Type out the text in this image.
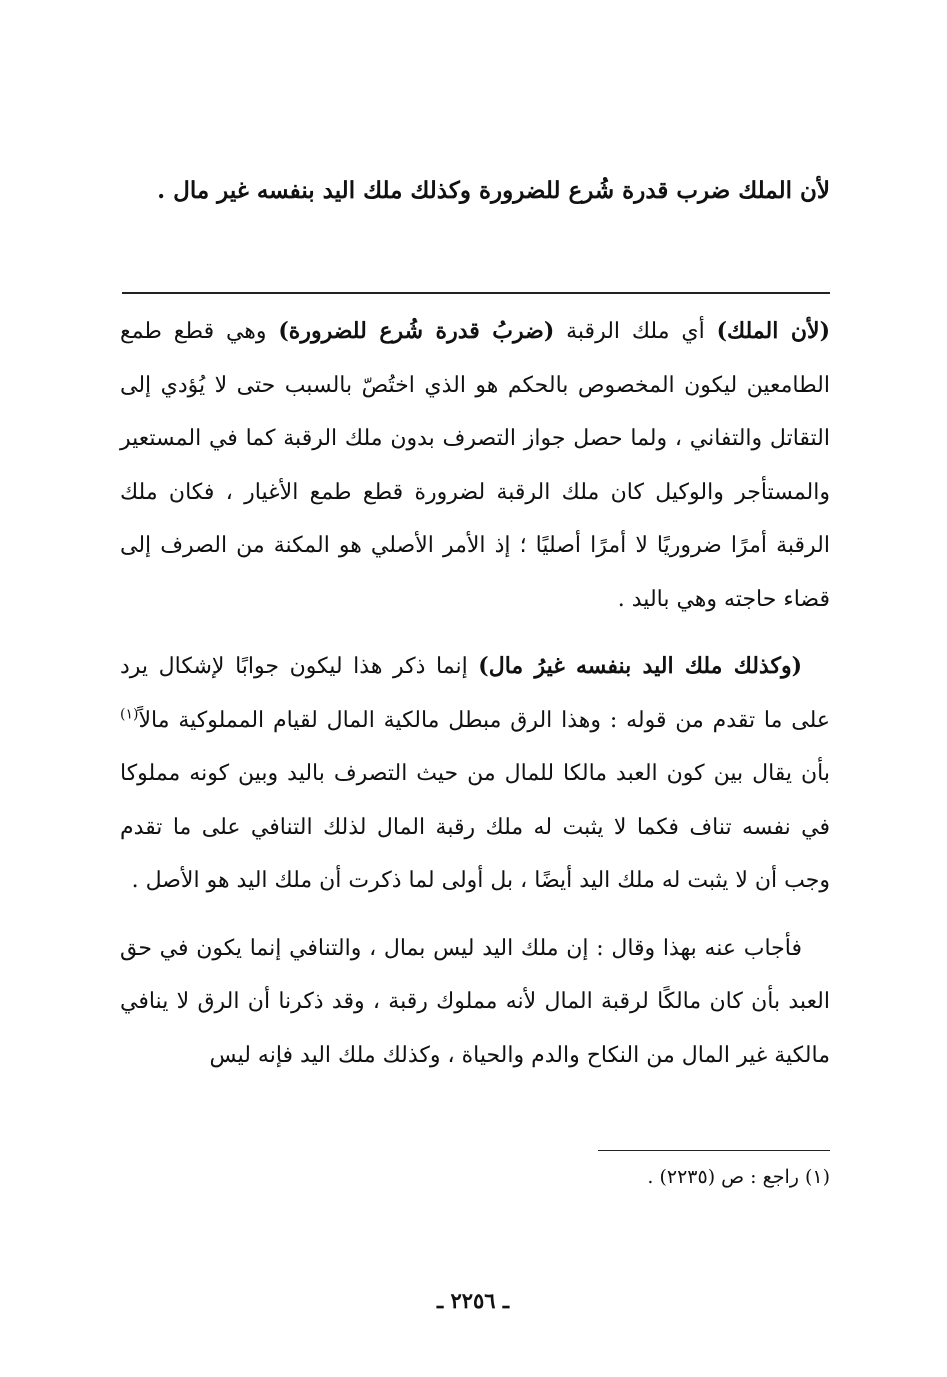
لأن الملك ضرب قدرة شُرع للضرورة وكذلك ملك اليد بنفسه غير مال .

(لأن الملك) أي ملك الرقبة (ضربُ قدرة شُرع للضرورة) وهي قطع طمع الطامعين ليكون المخصوص بالحكم هو الذي اختُصّ بالسبب حتى لا يُؤدي إلى التقاتل والتفاني ، ولما حصل جواز التصرف بدون ملك الرقبة كما في المستعير والمستأجر والوكيل كان ملك الرقبة لضرورة قطع طمع الأغيار ، فكان ملك الرقبة أمرًا ضروريًا لا أمرًا أصليًا ؛ إذ الأمر الأصلي هو المكنة من الصرف إلى قضاء حاجته وهي باليد .

(وكذلك ملك اليد بنفسه غيرُ مال) إنما ذكر هذا ليكون جوابًا لإشكال يرد على ما تقدم من قوله : وهذا الرق مبطل مالكية المال لقيام المملوكية مالاً$^{(١)}$ بأن يقال بين كون العبد مالكا للمال من حيث التصرف باليد وبين كونه مملوكا في نفسه تناف فكما لا يثبت له ملك رقبة المال لذلك التنافي على ما تقدم وجب أن لا يثبت له ملك اليد أيضًا ، بل أولى لما ذكرت أن ملك اليد هو الأصل .

فأجاب عنه بهذا وقال : إن ملك اليد ليس بمال ، والتنافي إنما يكون في حق العبد بأن كان مالكًا لرقبة المال لأنه مملوك رقبة ، وقد ذكرنا أن الرق لا ينافي مالكية غير المال من النكاح والدم والحياة ، وكذلك ملك اليد فإنه ليس

(١) راجع : ص (٢٢٣٥) .
ـ ٢٢٥٦ ـ
